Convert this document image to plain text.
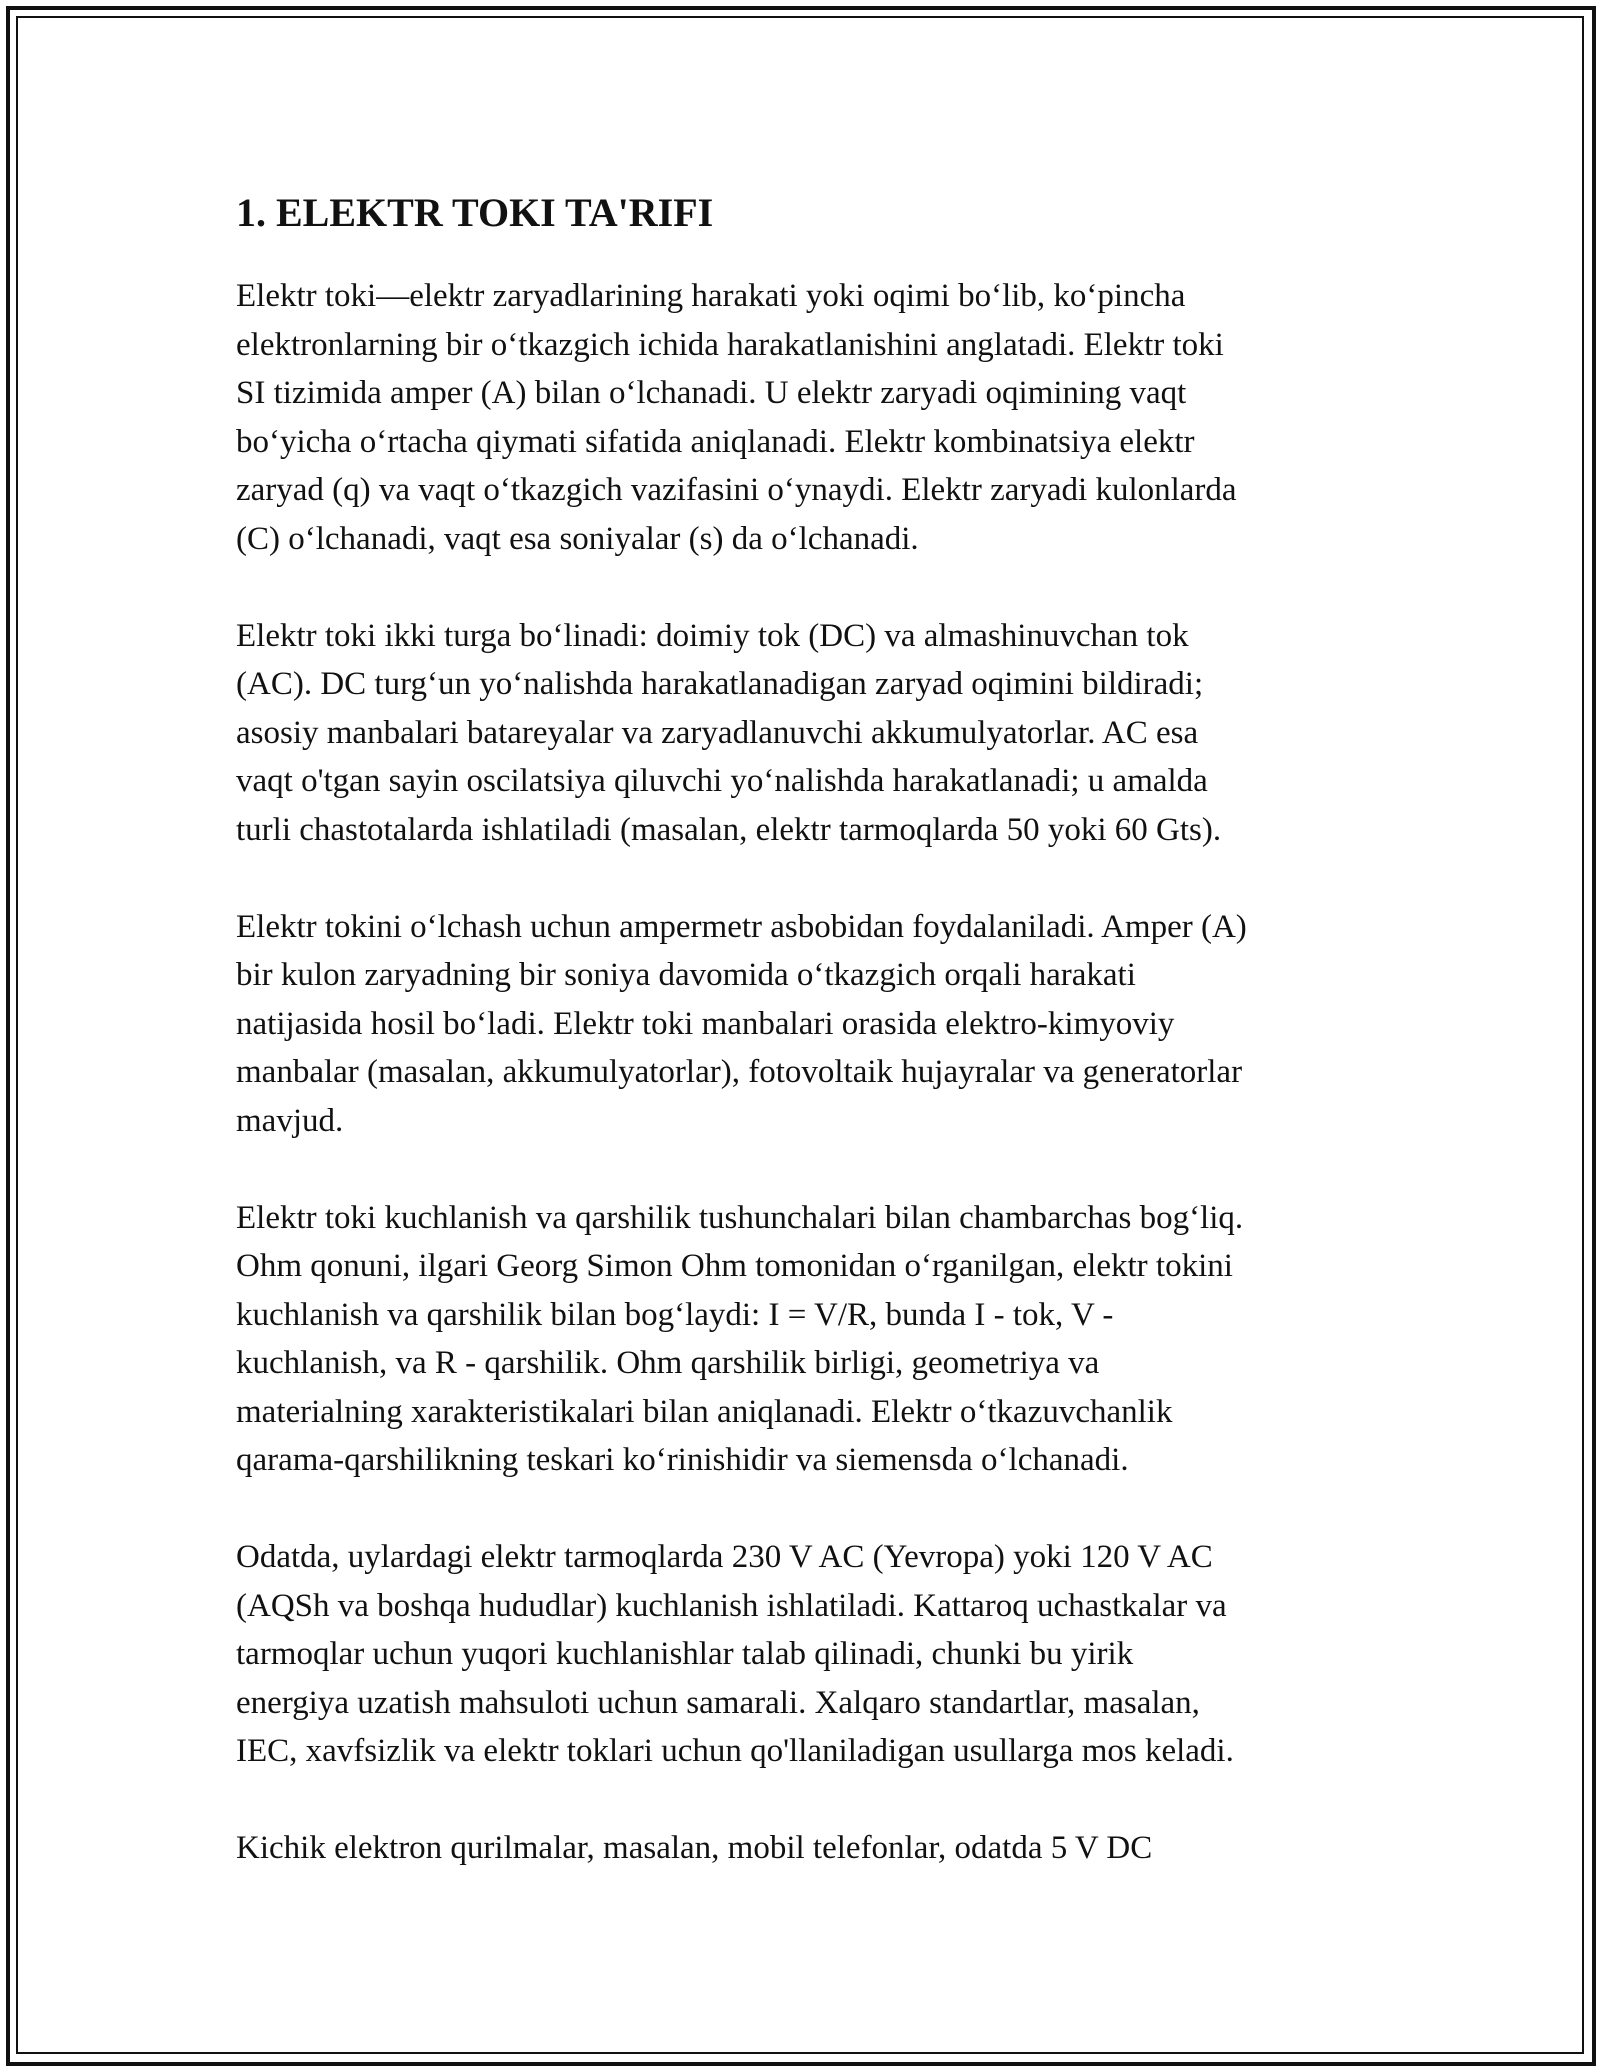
1. ELEKTR TOKI TA'RIFI

Elektr toki—elektr zaryadlarining harakati yoki oqimi bo‘lib, ko‘pincha
elektronlarning bir o‘tkazgich ichida harakatlanishini anglatadi. Elektr toki
SI tizimida amper (A) bilan o‘lchanadi. U elektr zaryadi oqimining vaqt
bo‘yicha o‘rtacha qiymati sifatida aniqlanadi. Elektr kombinatsiya elektr
zaryad (q) va vaqt o‘tkazgich vazifasini o‘ynaydi. Elektr zaryadi kulonlarda
(C) o‘lchanadi, vaqt esa soniyalar (s) da o‘lchanadi.

Elektr toki ikki turga bo‘linadi: doimiy tok (DC) va almashinuvchan tok
(AC). DC turg‘un yo‘nalishda harakatlanadigan zaryad oqimini bildiradi;
asosiy manbalari batareyalar va zaryadlanuvchi akkumulyatorlar. AC esa
vaqt o'tgan sayin oscilatsiya qiluvchi yo‘nalishda harakatlanadi; u amalda
turli chastotalarda ishlatiladi (masalan, elektr tarmoqlarda 50 yoki 60 Gts).

Elektr tokini o‘lchash uchun ampermetr asbobidan foydalaniladi. Amper (A)
bir kulon zaryadning bir soniya davomida o‘tkazgich orqali harakati
natijasida hosil bo‘ladi. Elektr toki manbalari orasida elektro-kimyoviy
manbalar (masalan, akkumulyatorlar), fotovoltaik hujayralar va generatorlar
mavjud.

Elektr toki kuchlanish va qarshilik tushunchalari bilan chambarchas bog‘liq.
Ohm qonuni, ilgari Georg Simon Ohm tomonidan o‘rganilgan, elektr tokini
kuchlanish va qarshilik bilan bog‘laydi: I = V/R, bunda I - tok, V -
kuchlanish, va R - qarshilik. Ohm qarshilik birligi, geometriya va
materialning xarakteristikalari bilan aniqlanadi. Elektr o‘tkazuvchanlik
qarama-qarshilikning teskari ko‘rinishidir va siemensda o‘lchanadi.

Odatda, uylardagi elektr tarmoqlarda 230 V AC (Yevropa) yoki 120 V AC
(AQSh va boshqa hududlar) kuchlanish ishlatiladi. Kattaroq uchastkalar va
tarmoqlar uchun yuqori kuchlanishlar talab qilinadi, chunki bu yirik
energiya uzatish mahsuloti uchun samarali. Xalqaro standartlar, masalan,
IEC, xavfsizlik va elektr toklari uchun qo'llaniladigan usullarga mos keladi.

Kichik elektron qurilmalar, masalan, mobil telefonlar, odatda 5 V DC
